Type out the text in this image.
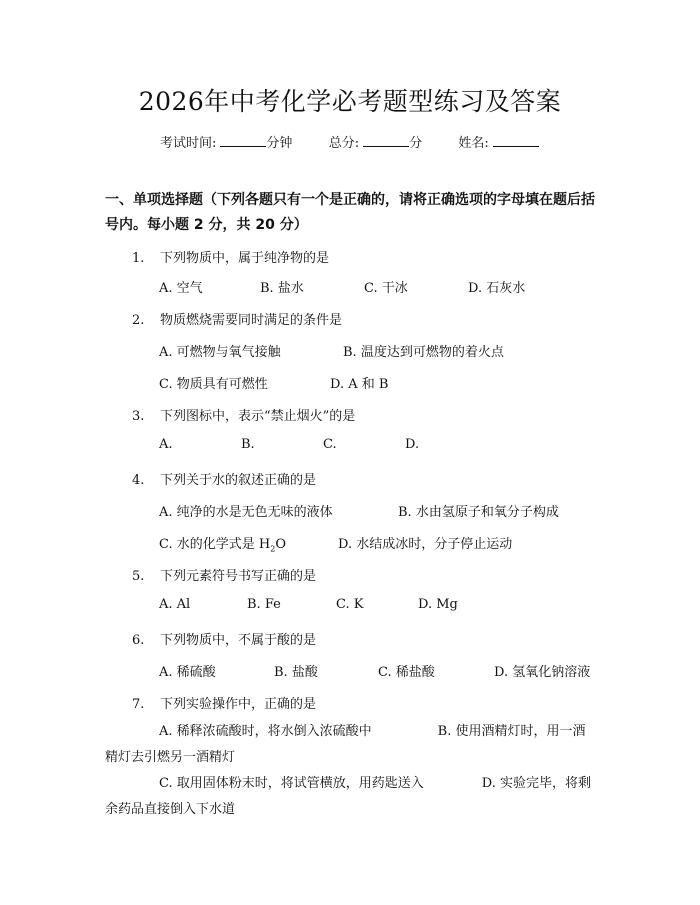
2026年中考化学必考题型练习及答案
考试时间:	分钟	总分:	分	姓名:
一、单项选择题（下列各题只有一个是正确的，请将正确选项的字母填在题后括号内。每小题 2 分，共 20 分）
1. 下列物质中，属于纯净物的是
A. 空气	B. 盐水	C. 干冰	D. 石灰水
2. 物质燃烧需要同时满足的条件是
A. 可燃物与氧气接触	B. 温度达到可燃物的着火点
C. 物质具有可燃性	D. A 和 B
3. 下列图标中，表示“禁止烟火”的是
A.	B.	C.	D.
4. 下列关于水的叙述正确的是
A. 纯净的水是无色无味的液体	B. 水由氢原子和氧分子构成
C. 水的化学式是 $H_2O$	D. 水结成冰时，分子停止运动
5. 下列元素符号书写正确的是
A. Al	B. Fe	C. K	D. Mg
6. 下列物质中，不属于酸的是
A. 稀硫酸	B. 盐酸	C. 稀盐酸	D. 氢氧化钠溶液
7. 下列实验操作中，正确的是
A. 稀释浓硫酸时，将水倒入浓硫酸中	B. 使用酒精灯时，用一酒精灯去引燃另一酒精灯
C. 取用固体粉末时，将试管横放，用药匙送入	D. 实验完毕，将剩余药品直接倒入下水道
